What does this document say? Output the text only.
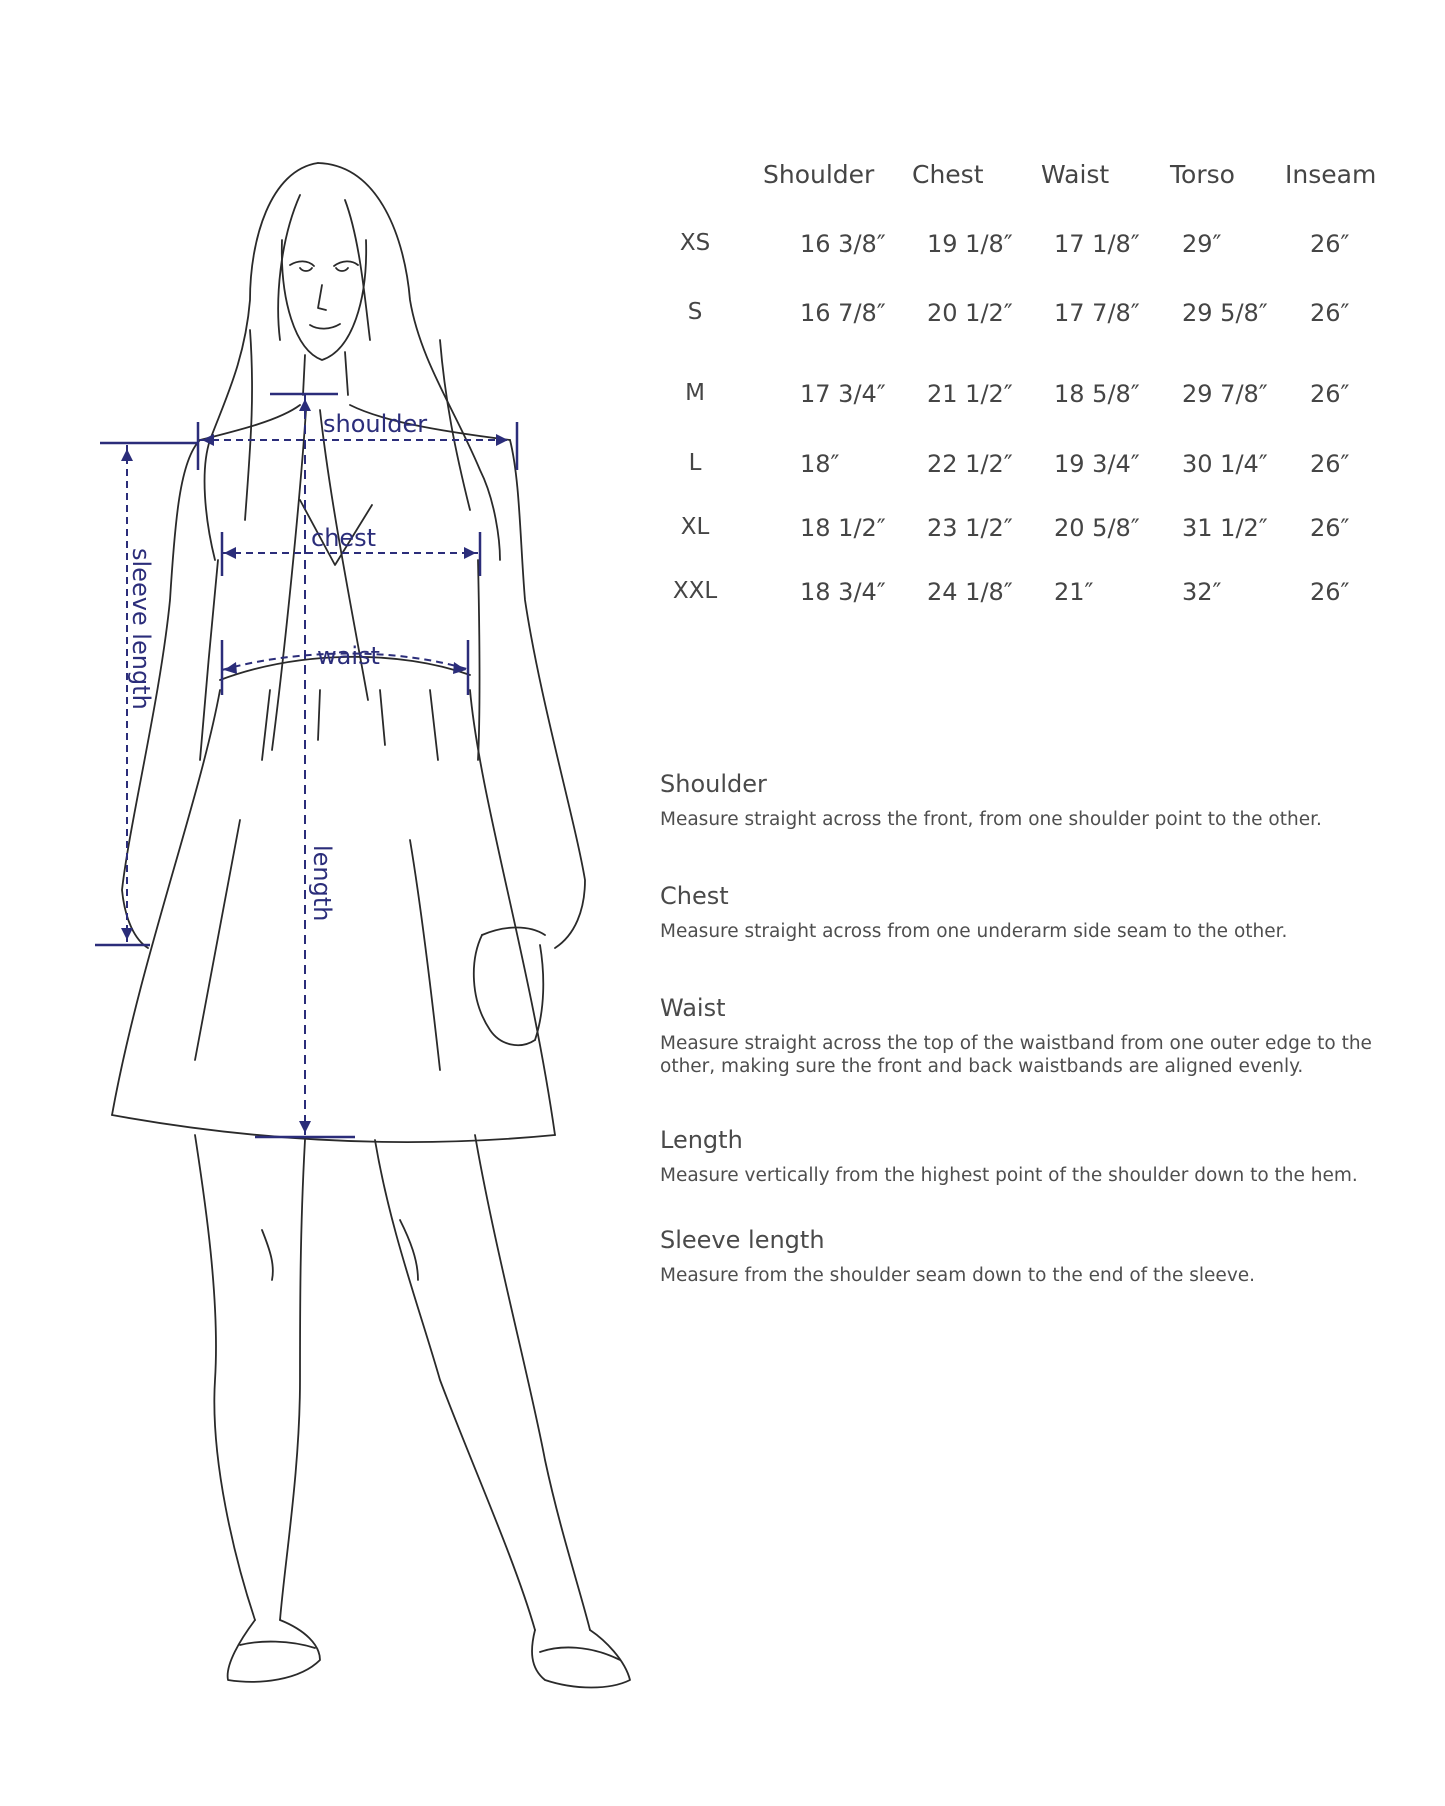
shoulder
chest
waist
length
sleeve length
Shoulder Chest Waist Torso Inseam
XS	16 3/8″ 19 1/8″ 17 1/8″ 29″	26″
S	16 7/8″ 20 1/2″ 17 7/8″ 29 5/8″ 26″
M	17 3/4″ 21 1/2″ 18 5/8″ 29 7/8″ 26″
L	18″	22 1/2″ 19 3/4″ 30 1/4″ 26″
XL	18 1/2″ 23 1/2″ 20 5/8″ 31 1/2″ 26″
XXL	18 3/4″ 24 1/8″ 21″	32″	26″

Shoulder

Measure straight across the front, from one shoulder point to the other.

Chest

Measure straight across from one underarm side seam to the other.

Waist

Measure straight across the top of the waistband from one outer edge to the other, making sure the front and back waistbands are aligned evenly.

Length

Measure vertically from the highest point of the shoulder down to the hem.

Sleeve length

Measure from the shoulder seam down to the end of the sleeve.
